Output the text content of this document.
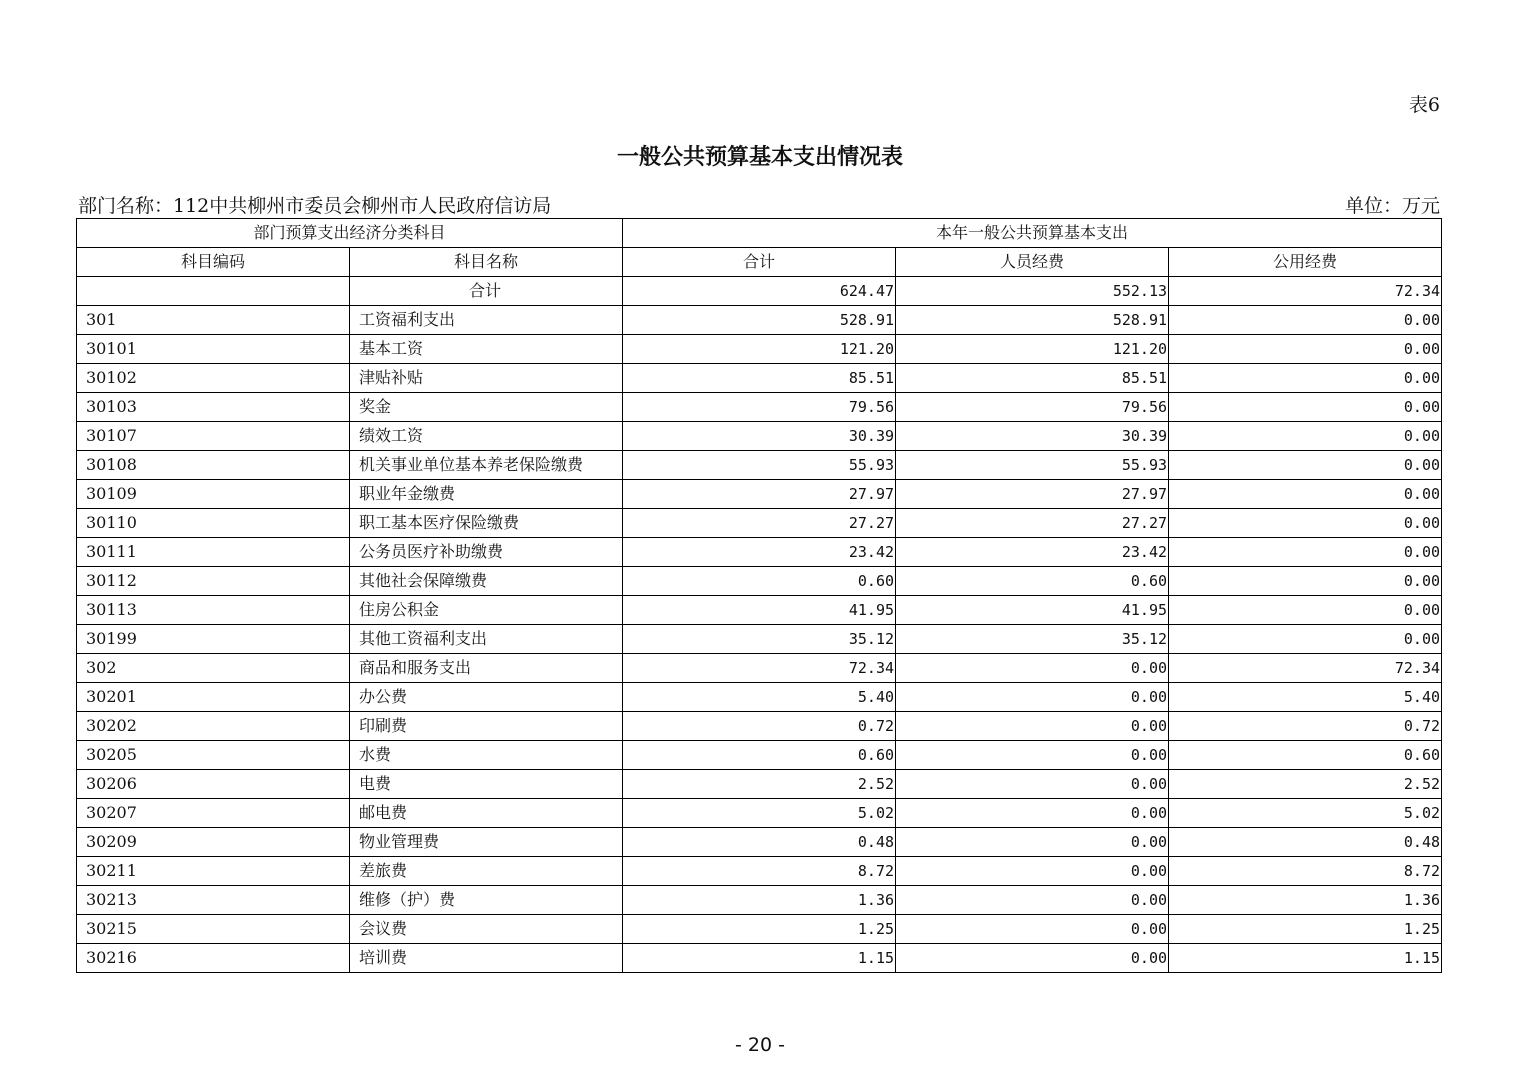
表6
一般公共预算基本支出情况表
部门名称：112中共柳州市委员会柳州市人民政府信访局	单位：万元
部门预算支出经济分类科目		本年一般公共预算基本支出		
科目编码	科目名称	合计	人员经费	公用经费
	合计	624.47	552.13	72.34
301	工资福利支出	528.91	528.91	0.00
30101	基本工资	121.20	121.20	0.00
30102	津贴补贴	85.51	85.51	0.00
30103	奖金	79.56	79.56	0.00
30107	绩效工资	30.39	30.39	0.00
30108	机关事业单位基本养老保险缴费	55.93	55.93	0.00
30109	职业年金缴费	27.97	27.97	0.00
30110	职工基本医疗保险缴费	27.27	27.27	0.00
30111	公务员医疗补助缴费	23.42	23.42	0.00
30112	其他社会保障缴费	0.60	0.60	0.00
30113	住房公积金	41.95	41.95	0.00
30199	其他工资福利支出	35.12	35.12	0.00
302	商品和服务支出	72.34	0.00	72.34
30201	办公费	5.40	0.00	5.40
30202	印刷费	0.72	0.00	0.72
30205	水费	0.60	0.00	0.60
30206	电费	2.52	0.00	2.52
30207	邮电费	5.02	0.00	5.02
30209	物业管理费	0.48	0.00	0.48
30211	差旅费	8.72	0.00	8.72
30213	维修（护）费	1.36	0.00	1.36
30215	会议费	1.25	0.00	1.25
30216	培训费	1.15	0.00	1.15
- 20 -
